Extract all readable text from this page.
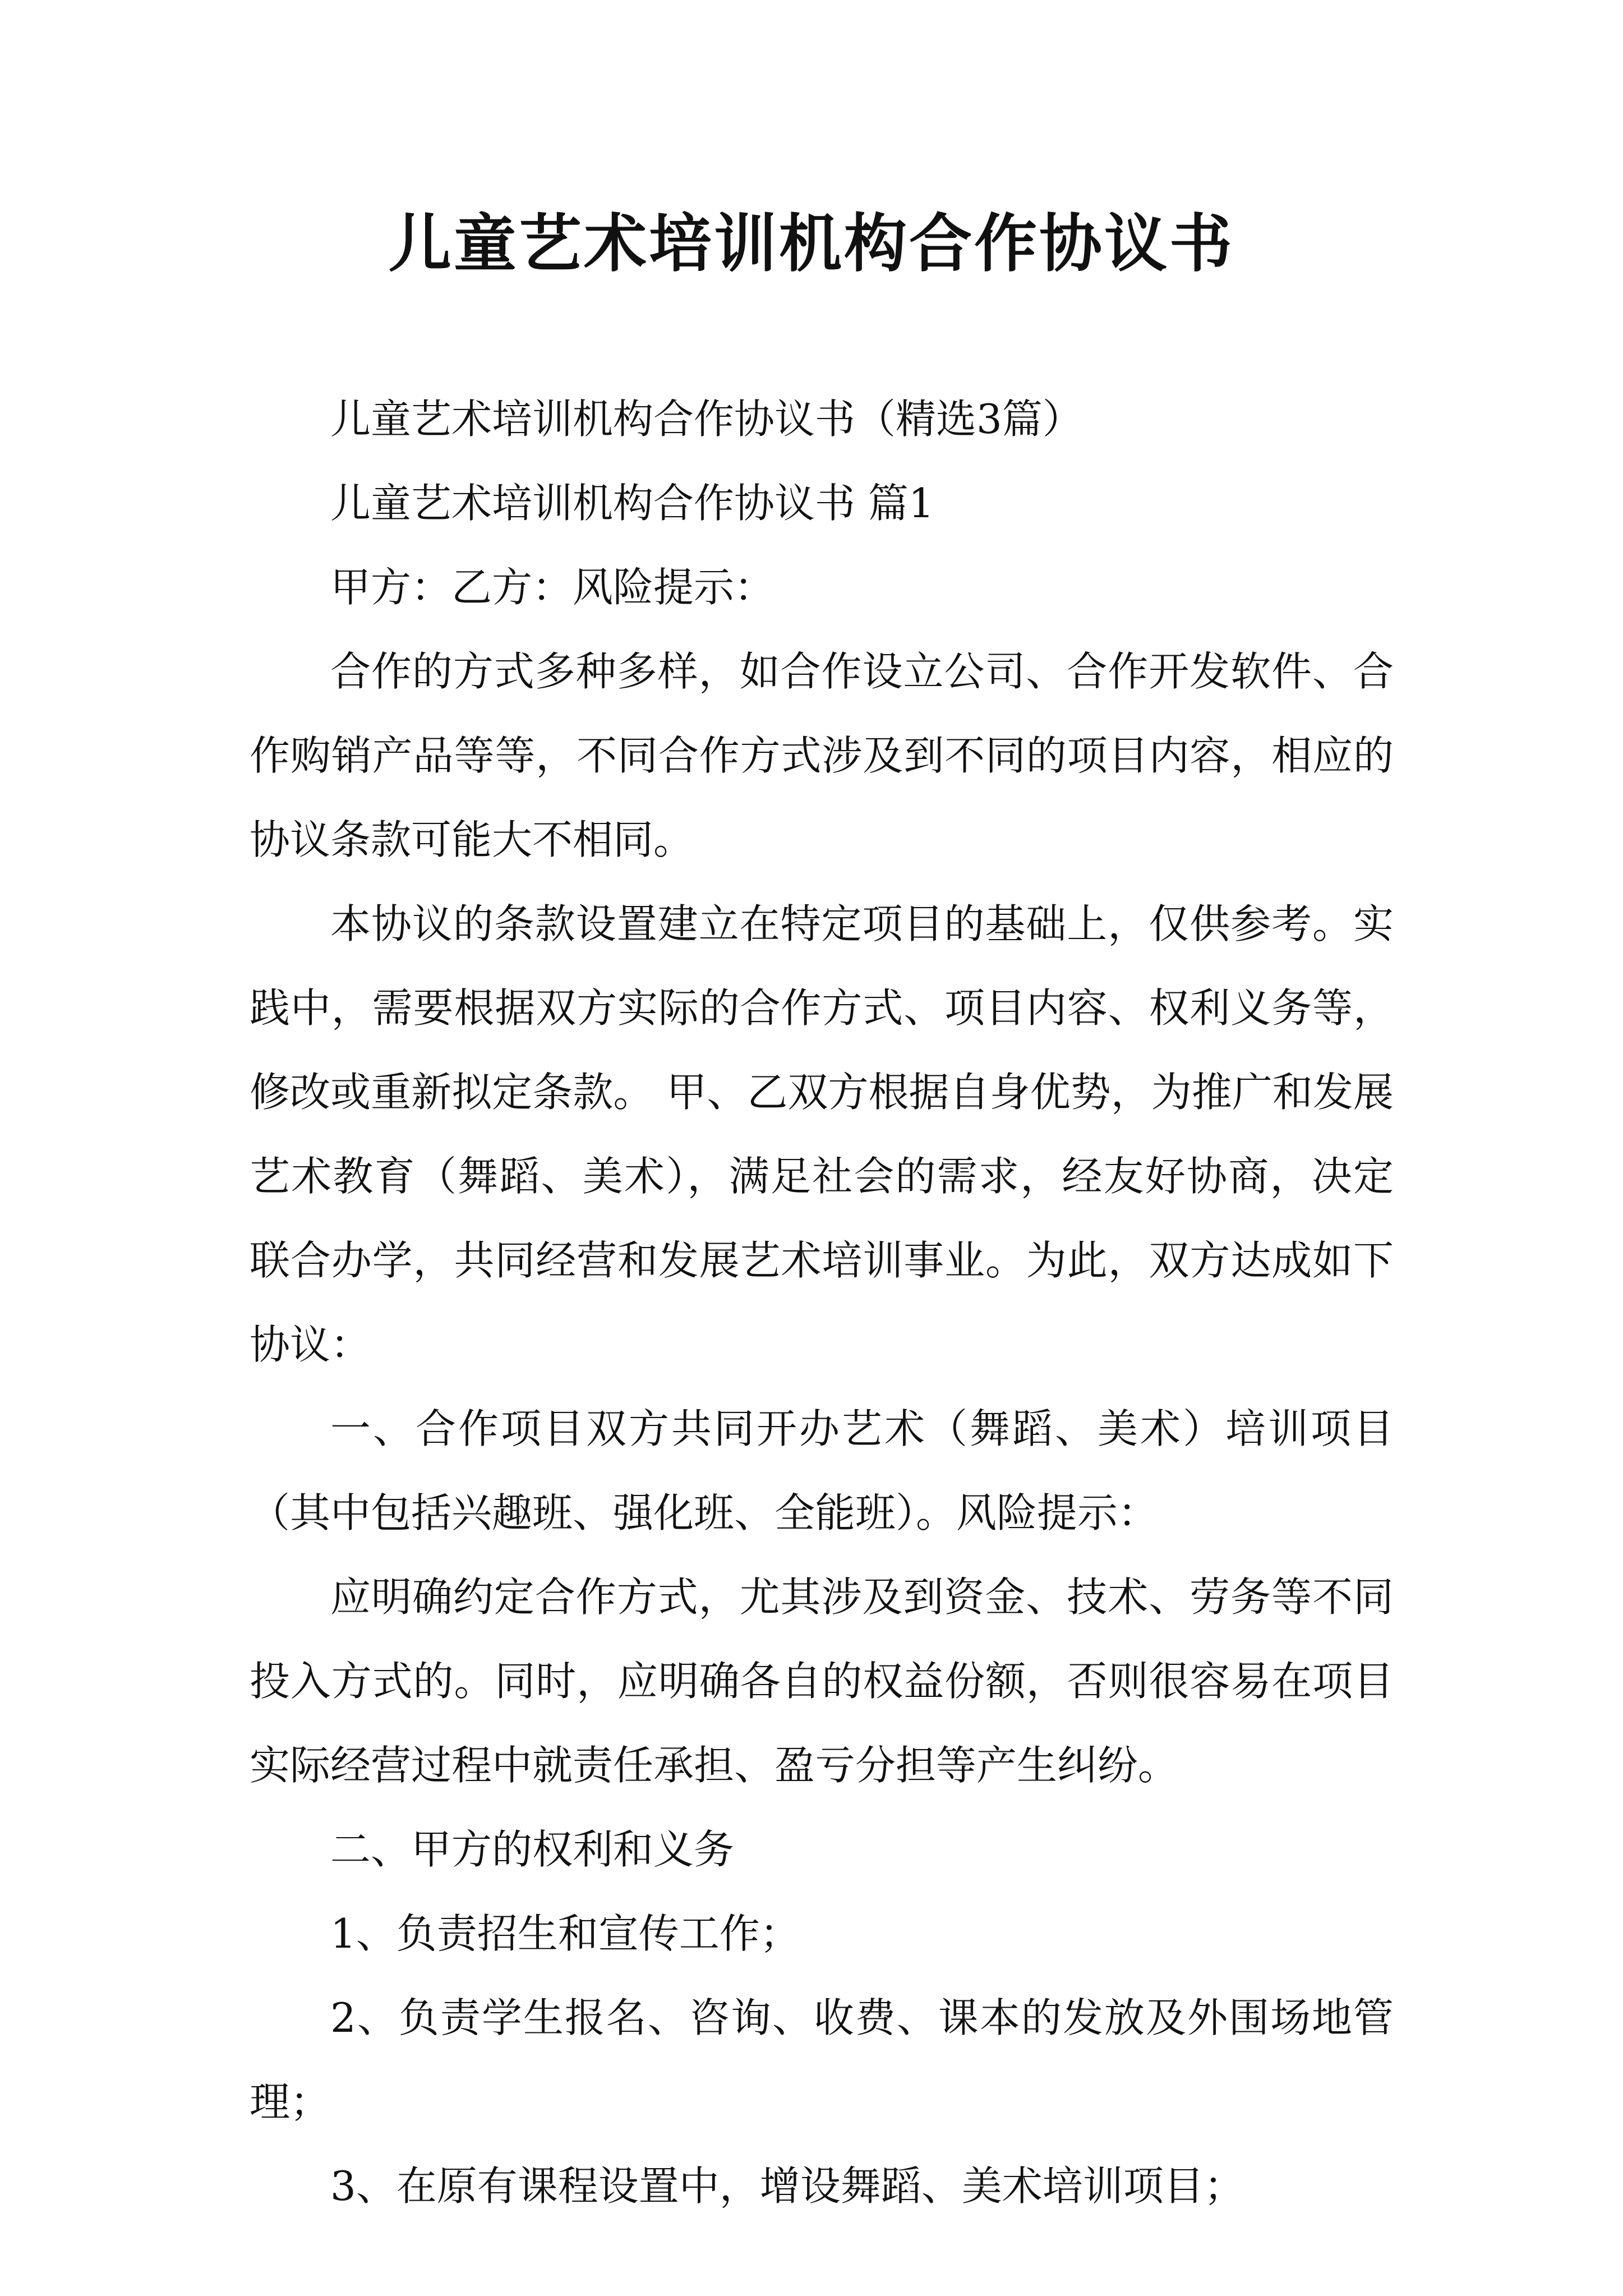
儿童艺术培训机构合作协议书

儿童艺术培训机构合作协议书（精选3篇）

儿童艺术培训机构合作协议书 篇1

甲方：乙方：风险提示：

合作的方式多种多样，如合作设立公司、合作开发软件、合作购销产品等等，不同合作方式涉及到不同的项目内容，相应的协议条款可能大不相同。

本协议的条款设置建立在特定项目的基础上，仅供参考。实践中，需要根据双方实际的合作方式、项目内容、权利义务等，修改或重新拟定条款。 甲、乙双方根据自身优势，为推广和发展艺术教育（舞蹈、美术），满足社会的需求，经友好协商，决定联合办学，共同经营和发展艺术培训事业。为此，双方达成如下协议：

一、合作项目双方共同开办艺术（舞蹈、美术）培训项目（其中包括兴趣班、强化班、全能班）。风险提示：

应明确约定合作方式，尤其涉及到资金、技术、劳务等不同投入方式的。同时，应明确各自的权益份额，否则很容易在项目实际经营过程中就责任承担、盈亏分担等产生纠纷。

二、甲方的权利和义务

1、负责招生和宣传工作；

2、负责学生报名、咨询、收费、课本的发放及外围场地管理；

3、在原有课程设置中，增设舞蹈、美术培训项目；
